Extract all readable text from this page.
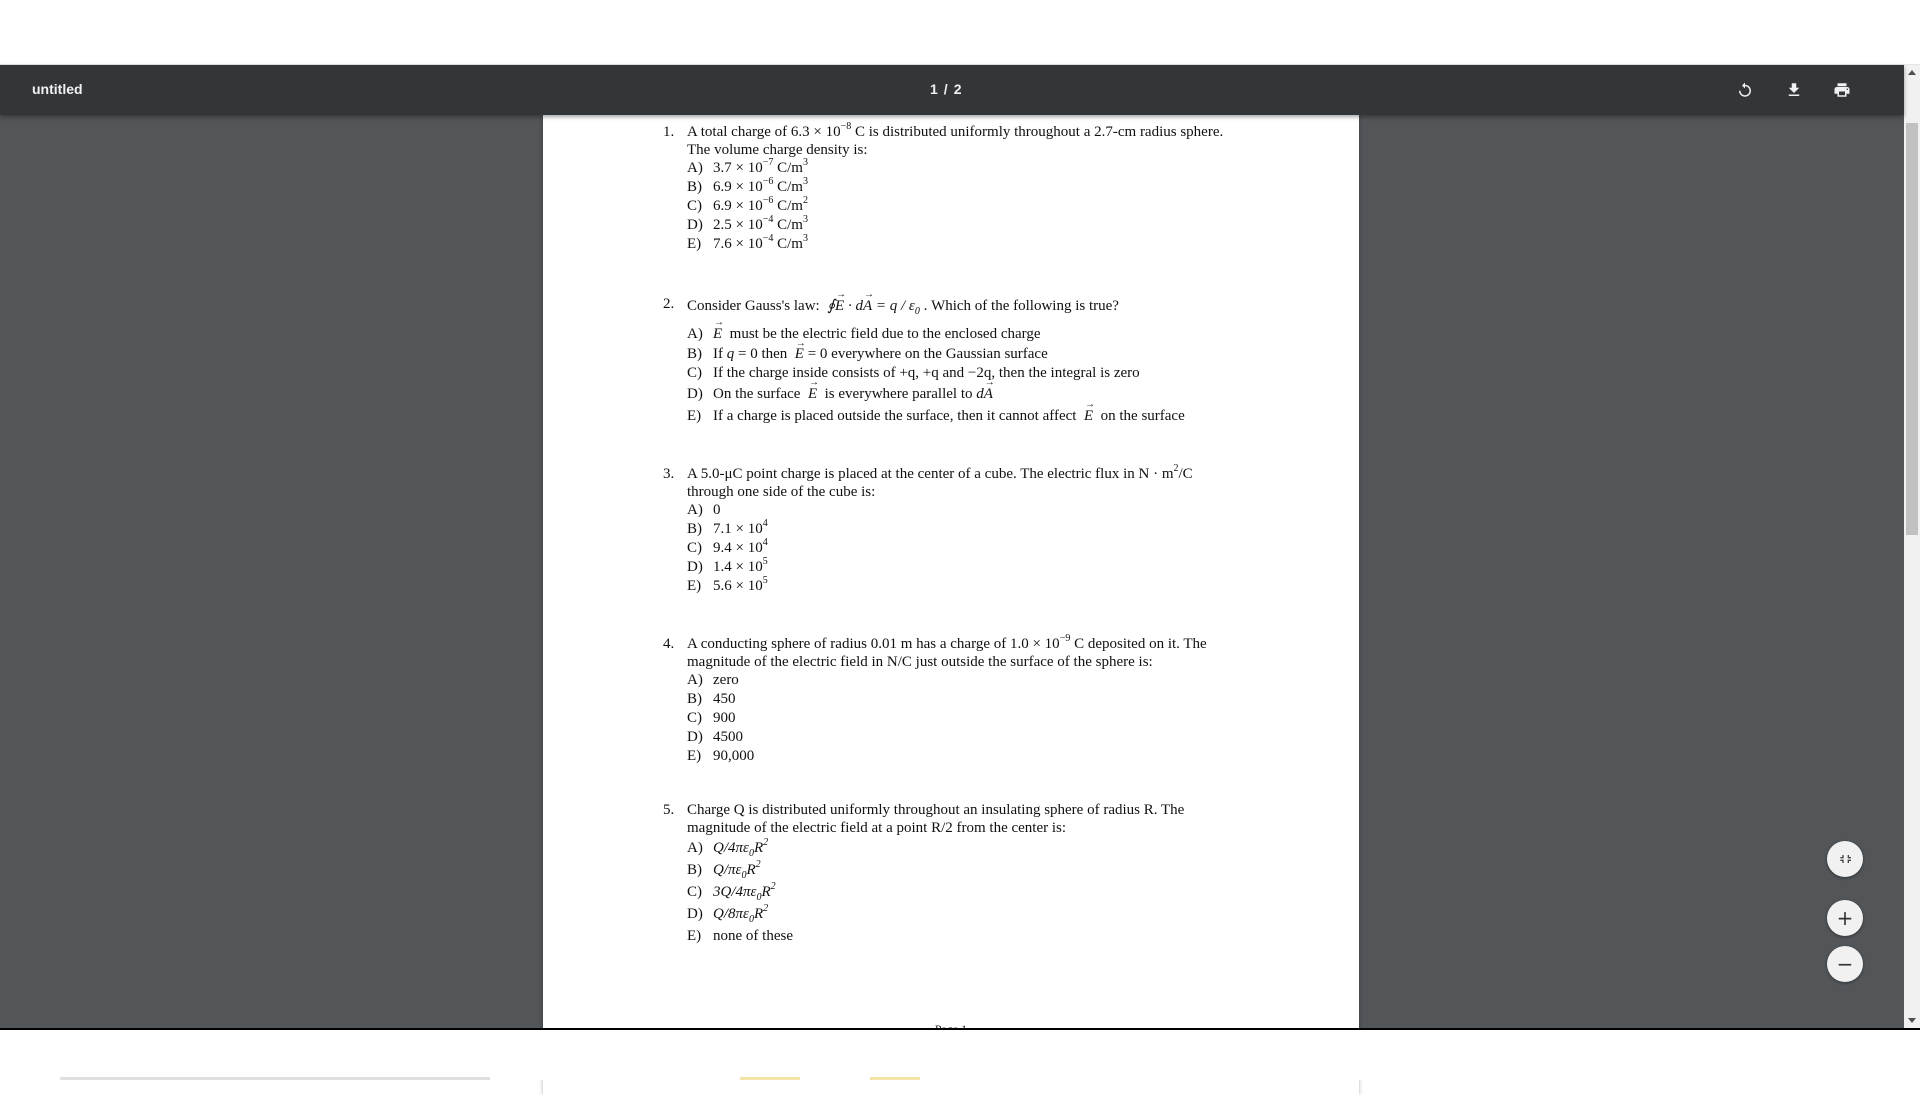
untitled	1 / 2
1. A total charge of $6.3 \times 10^{-8}$ C is distributed uniformly throughout a 2.7-cm radius sphere.
The volume charge density is:
A) $3.7 \times 10^{-7}$ $C/m^3$
B) $6.9 \times 10^{-6}$ $C/m^3$
C) $6.9 \times 10^{-6}$ $C/m^2$
D) $2.5 \times 10^{-4}$ $C/m^3$
E) $7.6 \times 10^{-4}$ $C/m^3$
2. Consider Gauss's law:  ∮→ $E \cdot d\to A = q / \varepsilon_0$ . Which of the following is true?
A) → E must be the electric field due to the enclosed charge
B) If q = 0 then → E = 0 everywhere on the Gaussian surface
C) If the charge inside consists of +q, +q and −2q, then the integral is zero
D) On the surface → E is everywhere parallel to d→ A
E) If a charge is placed outside the surface, then it cannot affect → E on the surface
3. A 5.0-μC point charge is placed at the center of a cube. The electric flux in $N \cdot m^2/C$
through one side of the cube is:
A) 0
B) $7.1 \times 10^4$
C) $9.4 \times 10^4$
D) $1.4 \times 10^5$
E) $5.6 \times 10^5$
4. A conducting sphere of radius 0.01 m has a charge of $1.0 \times 10^{-9}$ C deposited on it. The
magnitude of the electric field in N/C just outside the surface of the sphere is:
A) zero
B) 450
C) 900
D) 4500
E) 90,000
5. Charge Q is distributed uniformly throughout an insulating sphere of radius R. The
magnitude of the electric field at a point R/2 from the center is:
A) $Q/4\pi\varepsilon_0R^2$
B) $Q/\pi\varepsilon_0R^2$
C) $3Q/4\pi\varepsilon_0R^2$
D) $Q/8\pi\varepsilon_0R^2$
E) none of these
+
−
